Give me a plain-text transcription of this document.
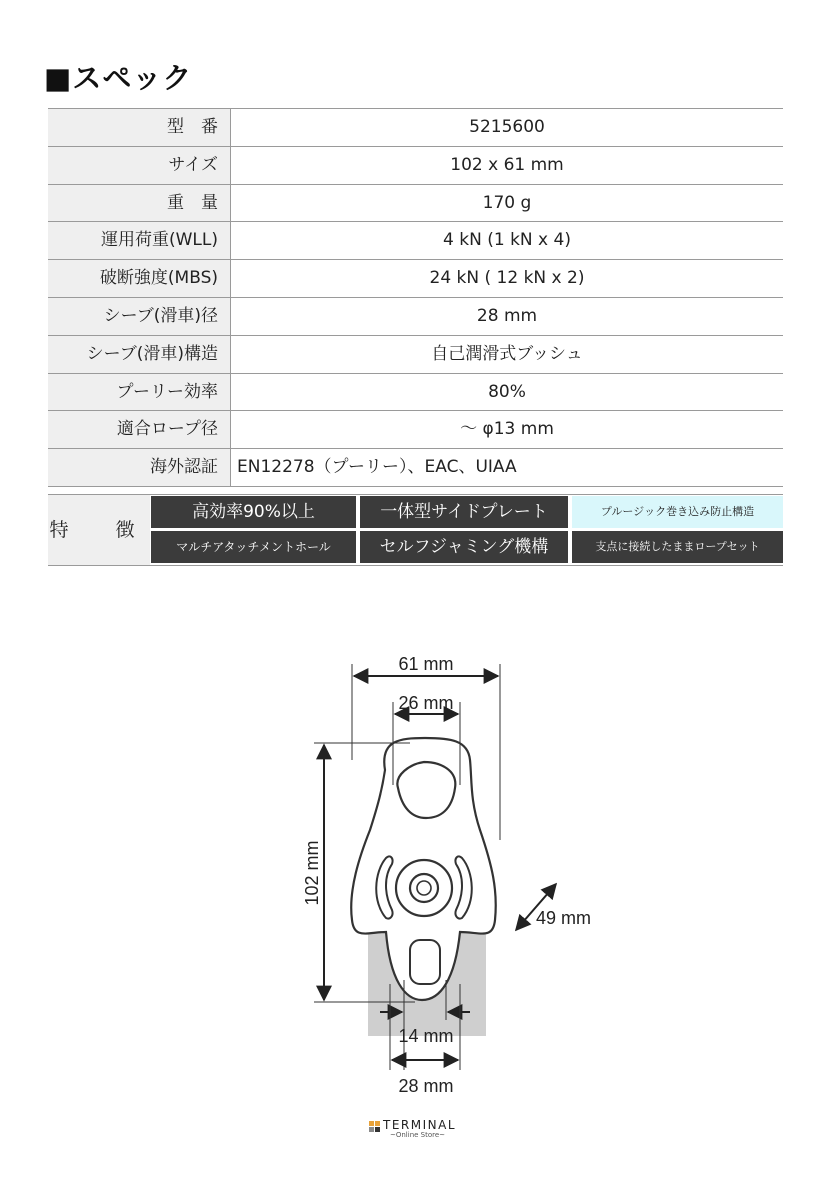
■スペック
型　番	5215600
サイズ	102 x 61 mm
重　量	170 g
運用荷重(WLL)	4 kN (1 kN x 4)
破断強度(MBS)	24 kN ( 12 kN x 2)
シーブ(滑車)径	28 mm
シーブ(滑車)構造	自己潤滑式ブッシュ
プーリー効率	80%
適合ロープ径	～ φ13 mm
海外認証	EN12278（プーリー）、EAC、UIAA
特　徴
高効率90%以上	一体型サイドプレート	プルージック巻き込み防止構造
マルチアタッチメントホール	セルフジャミング機構	支点に接続したままロープセット
61 mm
26 mm
102 mm
49 mm
14 mm
28 mm
TERMINAL
~Online Store~
